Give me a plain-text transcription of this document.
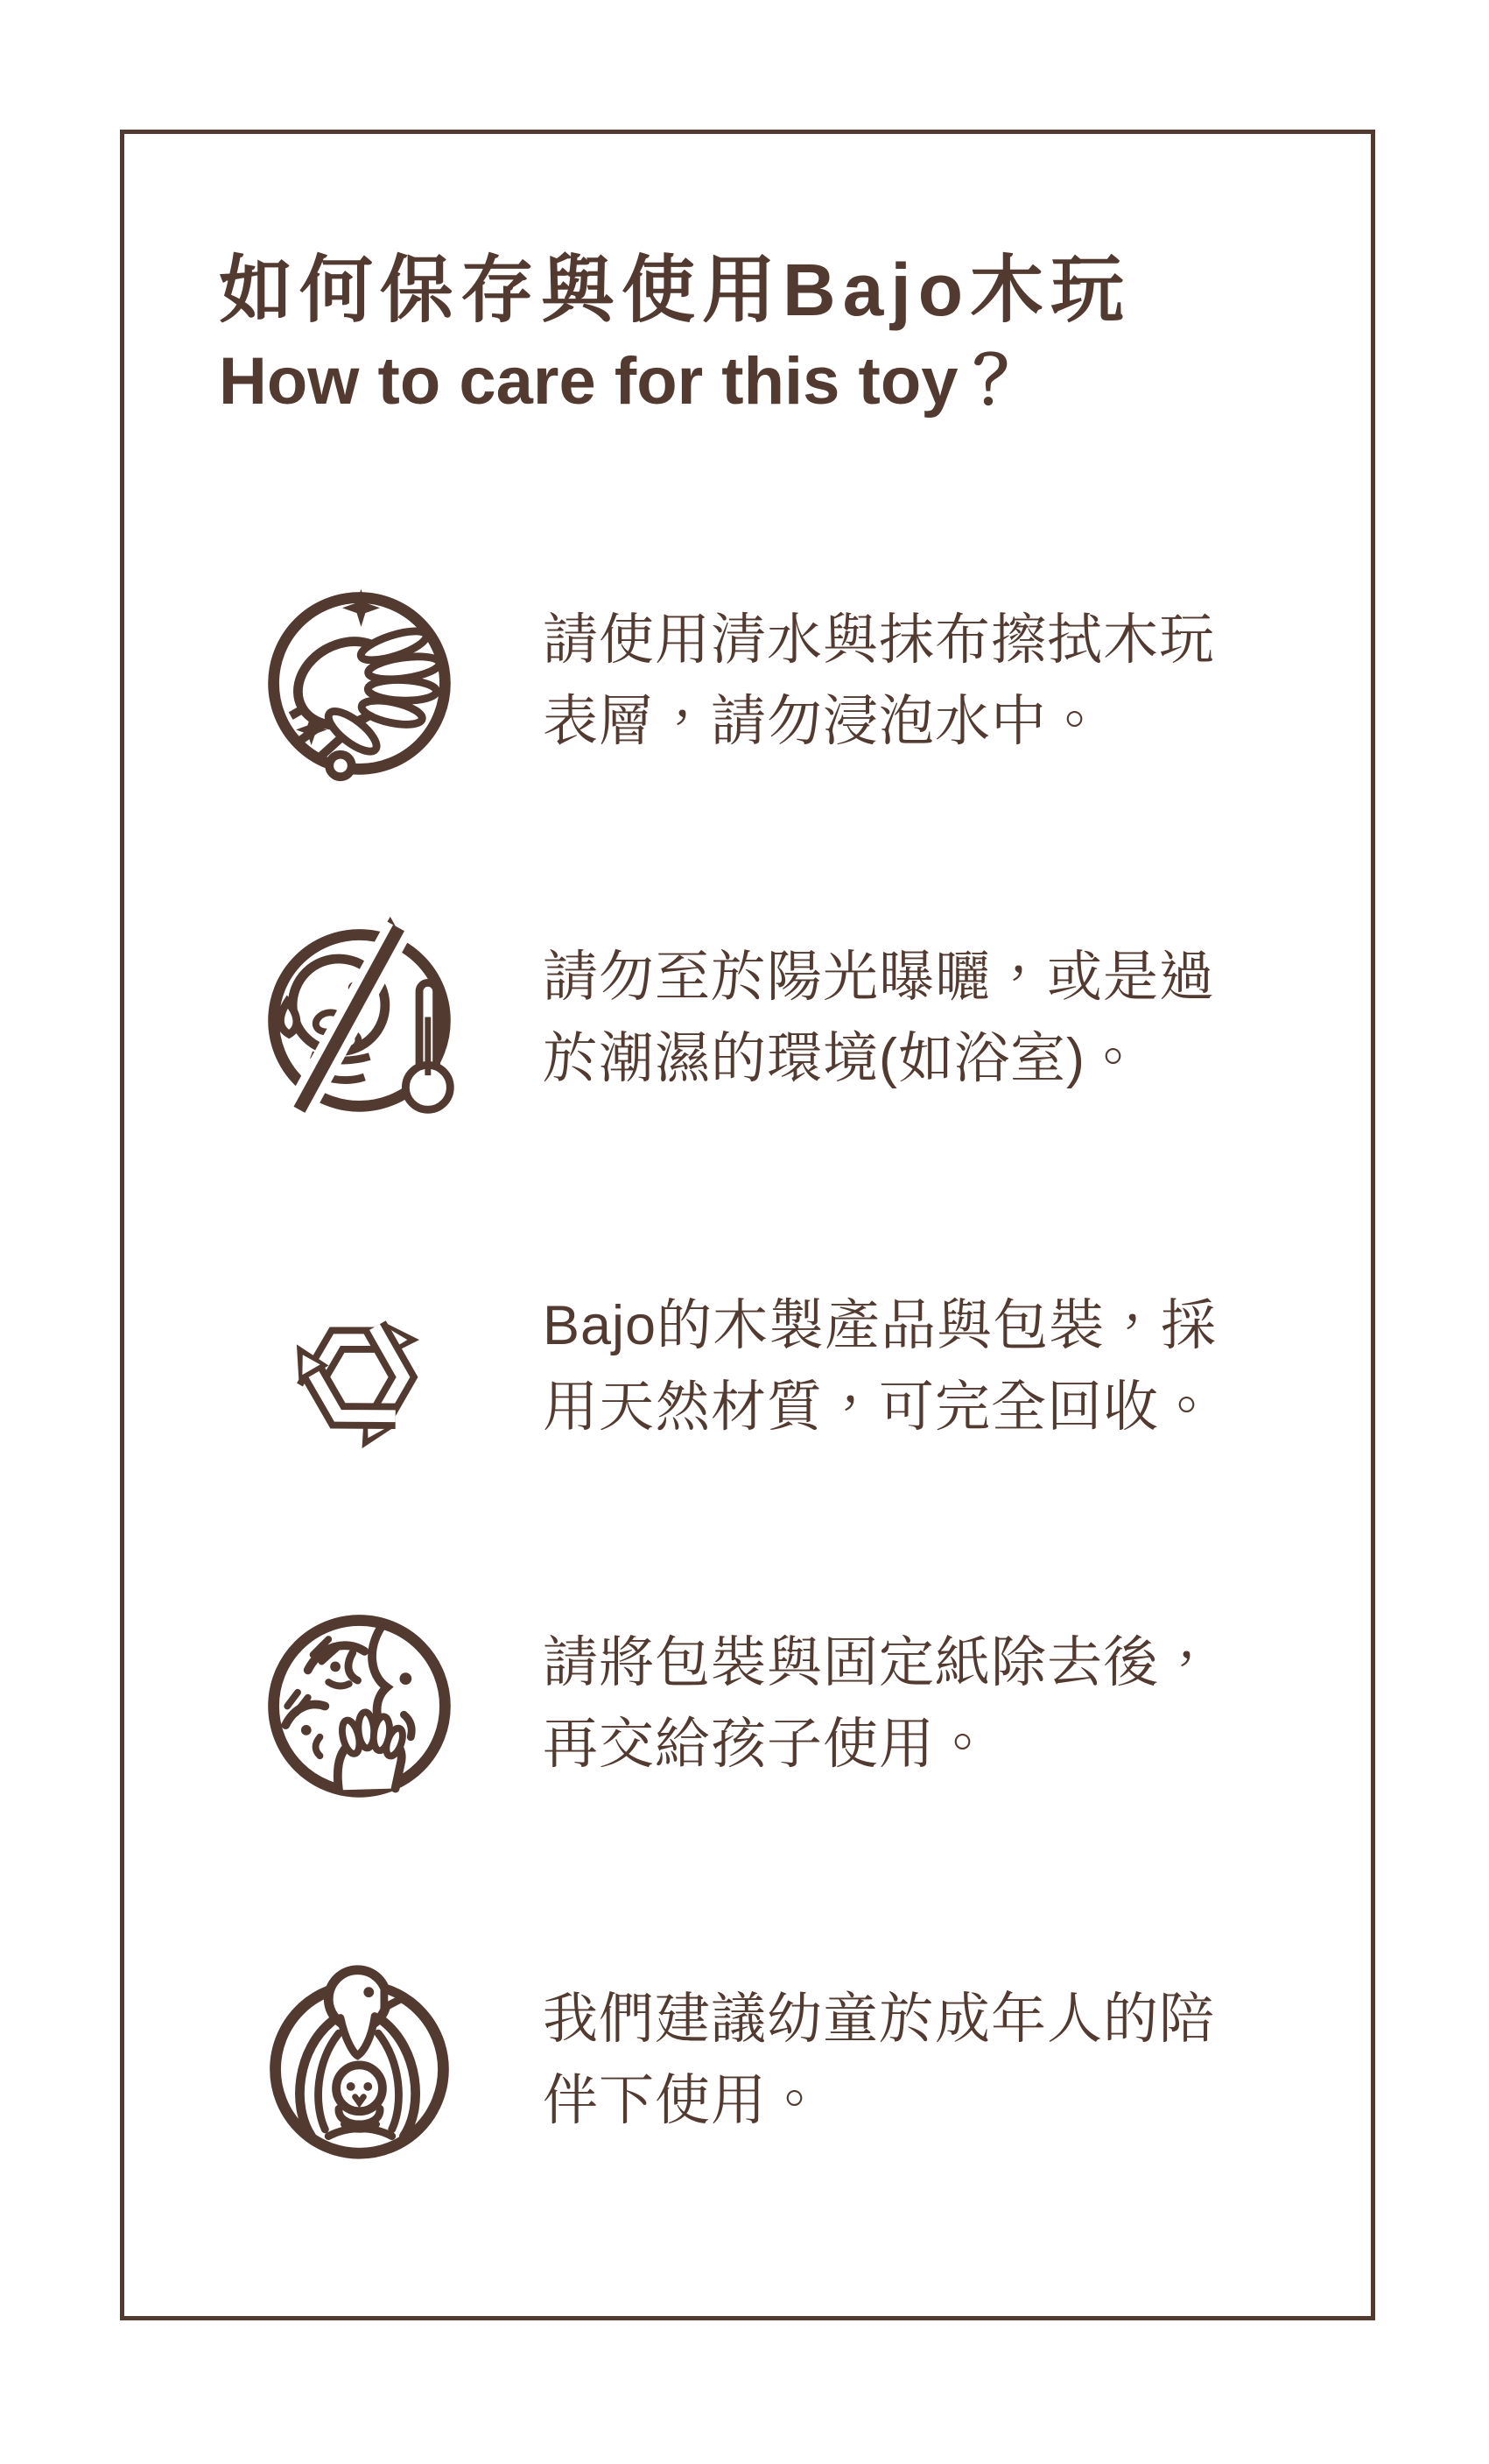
如何保存與使用Bajo木玩
How to care for this toy？
請使用清水與抹布擦拭木玩
表層，請勿浸泡水中。
請勿至於陽光曝曬，或是過
於潮濕的環境(如浴室)。
Bajo的木製產品與包裝，採
用天然材質，可完全回收。
請將包裝與固定紙除去後，
再交給孩子使用。
我們建議幼童於成年人的陪
伴下使用。
